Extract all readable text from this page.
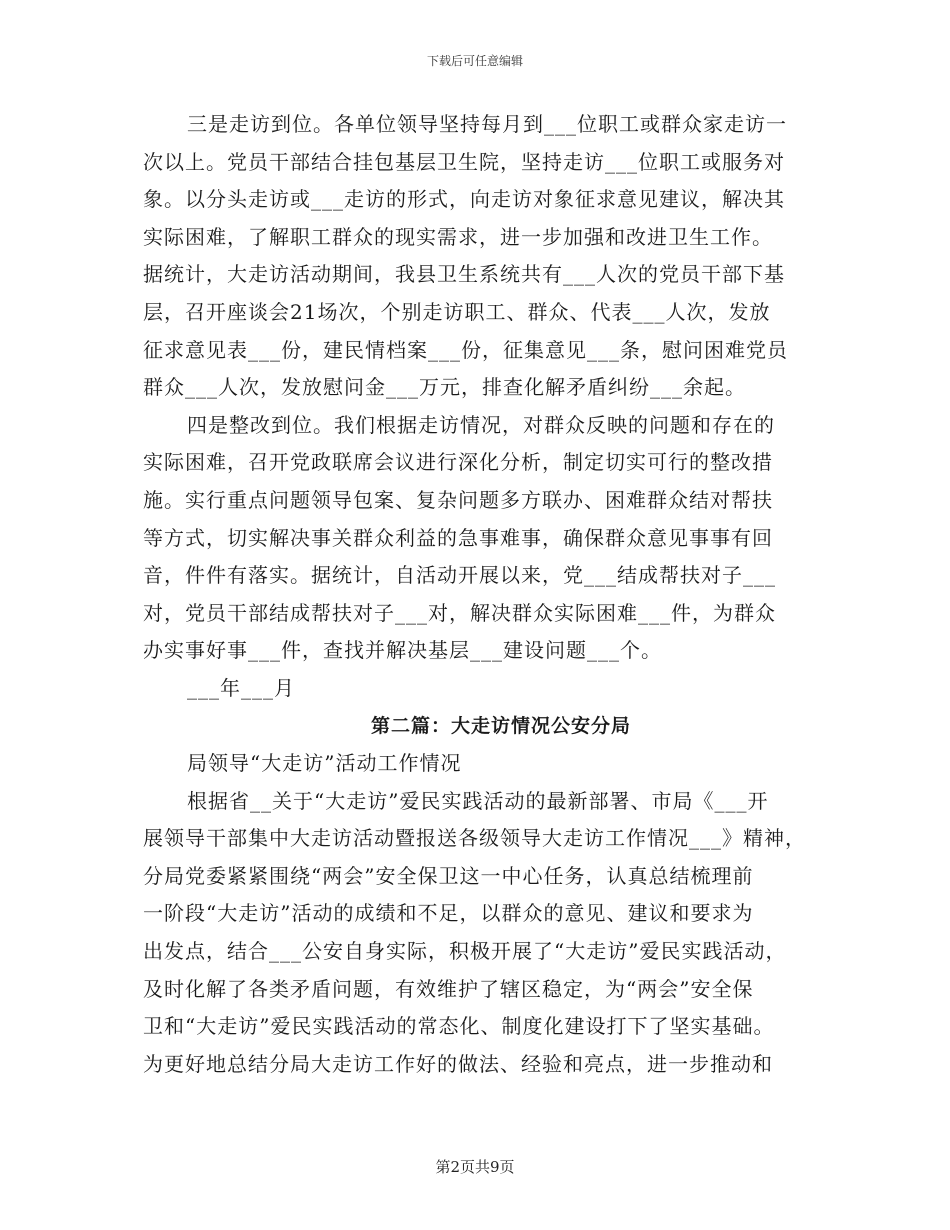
下载后可任意编辑
三是走访到位。各单位领导坚持每月到___位职工或群众家走访一
次以上。党员干部结合挂包基层卫生院，坚持走访___位职工或服务对
象。以分头走访或___走访的形式，向走访对象征求意见建议，解决其
实际困难，了解职工群众的现实需求，进一步加强和改进卫生工作。
据统计，大走访活动期间，我县卫生系统共有___人次的党员干部下基
层，召开座谈会21场次，个别走访职工、群众、代表___人次，发放
征求意见表___份，建民情档案___份，征集意见___条，慰问困难党员
群众___人次，发放慰问金___万元，排查化解矛盾纠纷___余起。
四是整改到位。我们根据走访情况，对群众反映的问题和存在的
实际困难，召开党政联席会议进行深化分析，制定切实可行的整改措
施。实行重点问题领导包案、复杂问题多方联办、困难群众结对帮扶
等方式，切实解决事关群众利益的急事难事，确保群众意见事事有回
音，件件有落实。据统计，自活动开展以来，党___结成帮扶对子___
对，党员干部结成帮扶对子___对，解决群众实际困难___件，为群众
办实事好事___件，查找并解决基层___建设问题___个。
___年___月
第二篇：大走访情况公安分局
局领导“大走访”活动工作情况
根据省__关于“大走访”爱民实践活动的最新部署、市局《___开
展领导干部集中大走访活动暨报送各级领导大走访工作情况___》精神，
分局党委紧紧围绕“两会”安全保卫这一中心任务，认真总结梳理前
一阶段“大走访”活动的成绩和不足，以群众的意见、建议和要求为
出发点，结合___公安自身实际，积极开展了“大走访”爱民实践活动，
及时化解了各类矛盾问题，有效维护了辖区稳定，为“两会”安全保
卫和“大走访”爱民实践活动的常态化、制度化建设打下了坚实基础。
为更好地总结分局大走访工作好的做法、经验和亮点，进一步推动和
第2页共9页
